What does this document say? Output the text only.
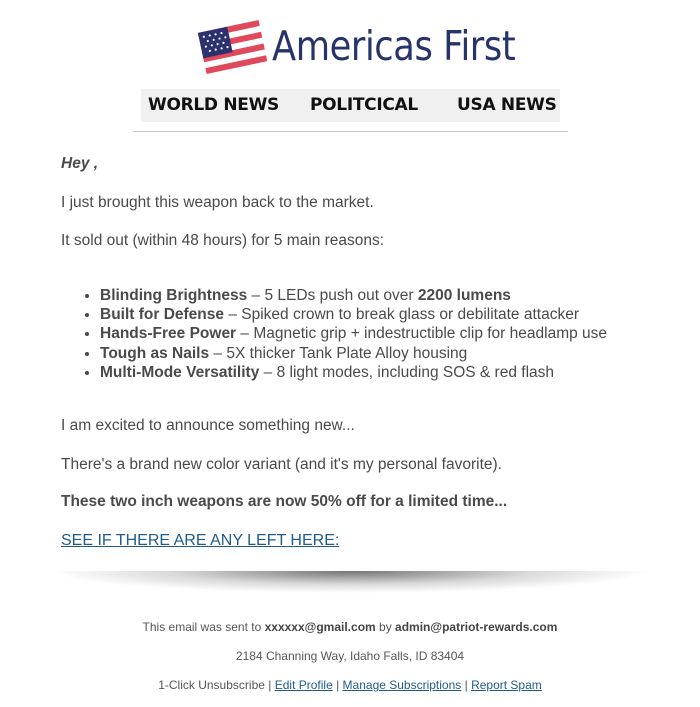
Americas First
WORLD NEWS POLITCICAL USA NEWS
Hey ,
I just brought this weapon back to the market.
It sold out (within 48 hours) for 5 main reasons:
• Blinding Brightness – 5 LEDs push out over 2200 lumens
• Built for Defense – Spiked crown to break glass or debilitate attacker
• Hands-Free Power – Magnetic grip + indestructible clip for headlamp use
• Tough as Nails – 5X thicker Tank Plate Alloy housing
• Multi-Mode Versatility – 8 light modes, including SOS & red flash
I am excited to announce something new...
There's a brand new color variant (and it's my personal favorite).
These two inch weapons are now 50% off for a limited time...
SEE IF THERE ARE ANY LEFT HERE:
This email was sent to xxxxxx@gmail.com by admin@patriot-rewards.com
2184 Channing Way, Idaho Falls, ID 83404
1-Click Unsubscribe | Edit Profile | Manage Subscriptions | Report Spam
